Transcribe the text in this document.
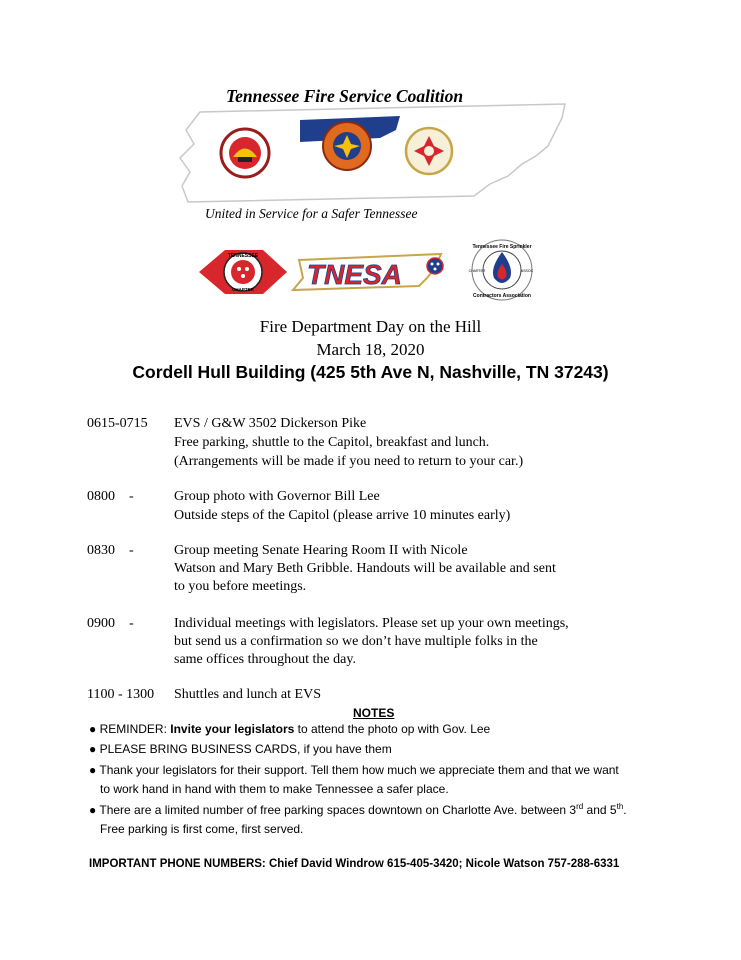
Tennessee Fire Service Coalition
United in Service for a Safer Tennessee
TENNESSEE
CHAPTER TNESA
Tennessee Fire Sprinkler
Contractors Association
CHARTER	ASSOC
Fire Department Day on the Hill
March 18, 2020
Cordell Hull Building (425 5th Ave N, Nashville, TN 37243)
0615-0715 EVS / G&W 3502 Dickerson Pike
Free parking, shuttle to the Capitol, breakfast and lunch.
(Arrangements will be made if you need to return to your car.)
0800    -	Group photo with Governor Bill Lee
Outside steps of the Capitol (please arrive 10 minutes early)
0830    -	Group meeting Senate Hearing Room II with Nicole
Watson and Mary Beth Gribble. Handouts will be available and sent
to you before meetings.
0900    -	Individual meetings with legislators. Please set up your own meetings,
but send us a confirmation so we don’t have multiple folks in the
same offices throughout the day.
1100 - 1300 Shuttles and lunch at EVS
NOTES
● REMINDER: Invite your legislators to attend the photo op with Gov. Lee
● PLEASE BRING BUSINESS CARDS, if you have them
● Thank your legislators for their support. Tell them how much we appreciate them and that we want
to work hand in hand with them to make Tennessee a safer place.
● There are a limited number of free parking spaces downtown on Charlotte Ave. between 3rd and 5th.
Free parking is first come, first served.
IMPORTANT PHONE NUMBERS: Chief David Windrow 615-405-3420; Nicole Watson 757-288-6331
